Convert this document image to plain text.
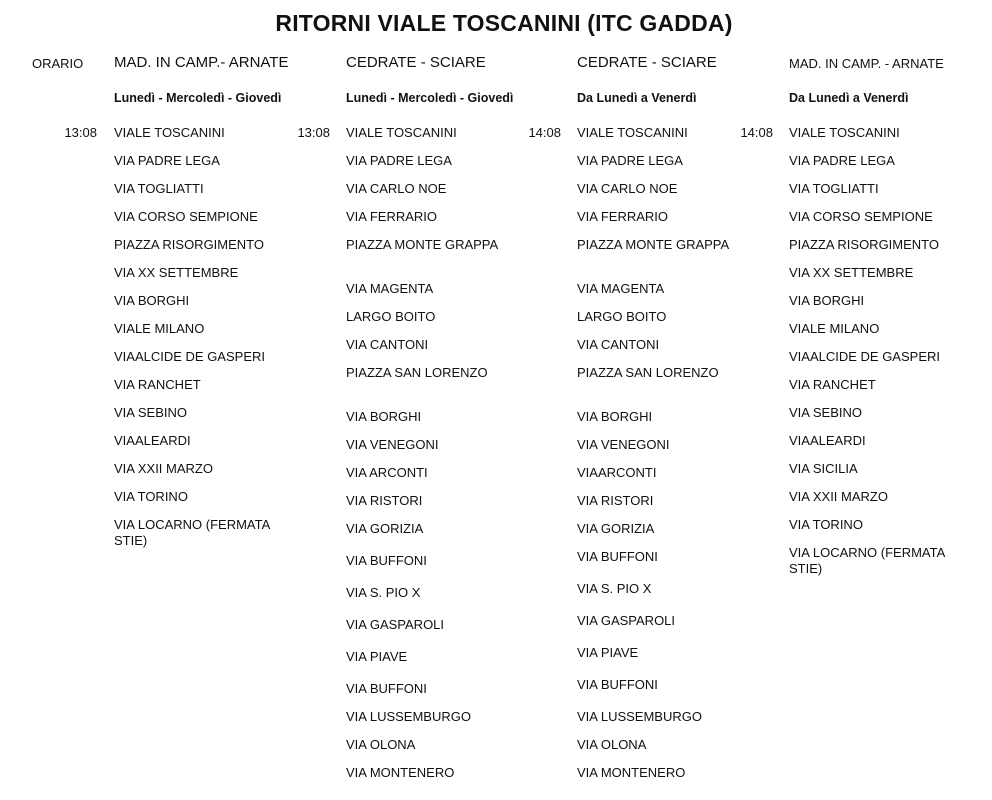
RITORNI VIALE TOSCANINI (ITC GADDA)
ORARIO MAD. IN CAMP.- ARNATE
Lunedì - Mercoledì - Giovedì
13:08 VIALE TOSCANINI
VIA PADRE LEGA
VIA TOGLIATTI
VIA CORSO SEMPIONE
PIAZZA RISORGIMENTO
VIA XX SETTEMBRE
VIA BORGHI
VIALE MILANO
VIAALCIDE DE GASPERI
VIA RANCHET
VIA SEBINO
VIAALEARDI
VIA XXII MARZO
VIA TORINO
VIA LOCARNO (FERMATA STIE)
CEDRATE - SCIARE
Lunedì - Mercoledì - Giovedì
13:08 VIALE TOSCANINI
VIA PADRE LEGA
VIA CARLO NOE
VIA FERRARIO
PIAZZA MONTE GRAPPA
VIA MAGENTA
LARGO BOITO
VIA CANTONI
PIAZZA SAN LORENZO
VIA BORGHI
VIA VENEGONI
VIA ARCONTI
VIA RISTORI
VIA GORIZIA
VIA BUFFONI
VIA S. PIO X
VIA GASPAROLI
VIA PIAVE
VIA BUFFONI
VIA LUSSEMBURGO
VIA OLONA
VIA MONTENERO
CEDRATE - SCIARE
Da Lunedì a Venerdì
14:08 VIALE TOSCANINI
VIA PADRE LEGA
VIA CARLO NOE
VIA FERRARIO
PIAZZA MONTE GRAPPA
VIA MAGENTA
LARGO BOITO
VIA CANTONI
PIAZZA SAN LORENZO
VIA BORGHI
VIA VENEGONI
VIAARCONTI
VIA RISTORI
VIA GORIZIA
VIA BUFFONI
VIA S. PIO X
VIA GASPAROLI
VIA PIAVE
VIA BUFFONI
VIA LUSSEMBURGO
VIA OLONA
VIA MONTENERO
MAD. IN CAMP. - ARNATE
Da Lunedì a Venerdì
14:08 VIALE TOSCANINI
VIA PADRE LEGA
VIA TOGLIATTI
VIA CORSO SEMPIONE
PIAZZA RISORGIMENTO
VIA XX SETTEMBRE
VIA BORGHI
VIALE MILANO
VIAALCIDE DE GASPERI
VIA RANCHET
VIA SEBINO
VIAALEARDI
VIA SICILIA
VIA XXII MARZO
VIA TORINO
VIA LOCARNO (FERMATA STIE)
